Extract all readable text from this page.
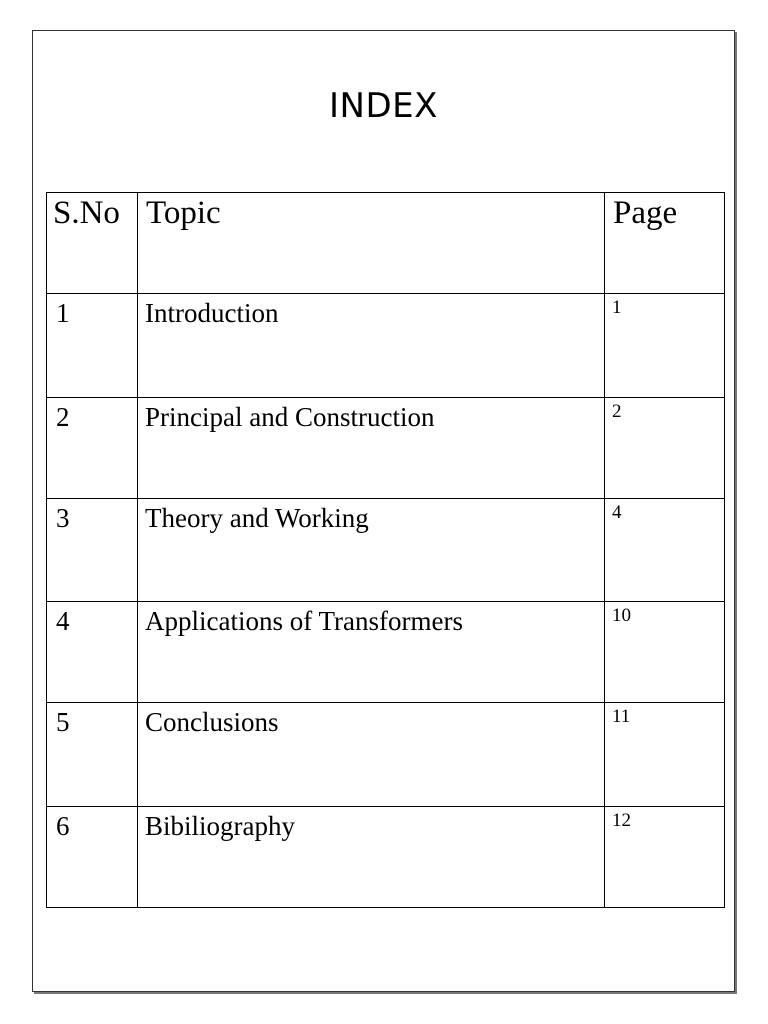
INDEX
S.No	Topic	Page
1	Introduction	1
2	Principal and Construction	2
3	Theory and Working	4
4	Applications of Transformers	10
5	Conclusions	11
6	Bibiliography	12
